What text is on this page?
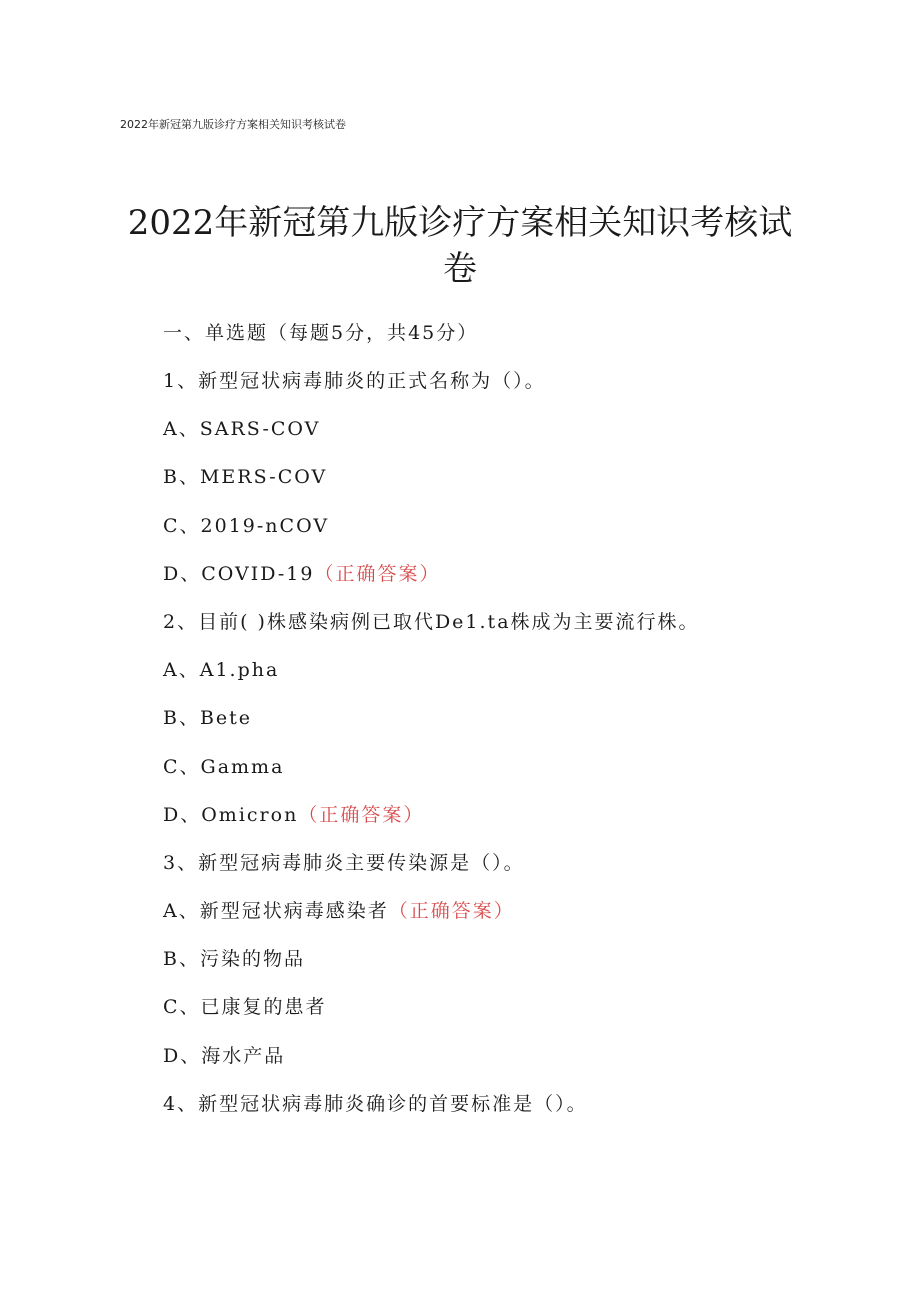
2022年新冠第九版诊疗方案相关知识考核试卷
2022年新冠第九版诊疗方案相关知识考核试
卷
一、单选题（每题5分，共45分）
1、新型冠状病毒肺炎的正式名称为（）。
A、SARS-COV
B、MERS-COV
C、2019-nCOV
D、COVID-19（正确答案）
2、目前( )株感染病例已取代De1.ta株成为主要流行株。
A、A1.pha
B、Bete
C、Gamma
D、Omicron（正确答案）
3、新型冠病毒肺炎主要传染源是（）。
A、新型冠状病毒感染者（正确答案）
B、污染的物品
C、已康复的患者
D、海水产品
4、新型冠状病毒肺炎确诊的首要标准是（）。
